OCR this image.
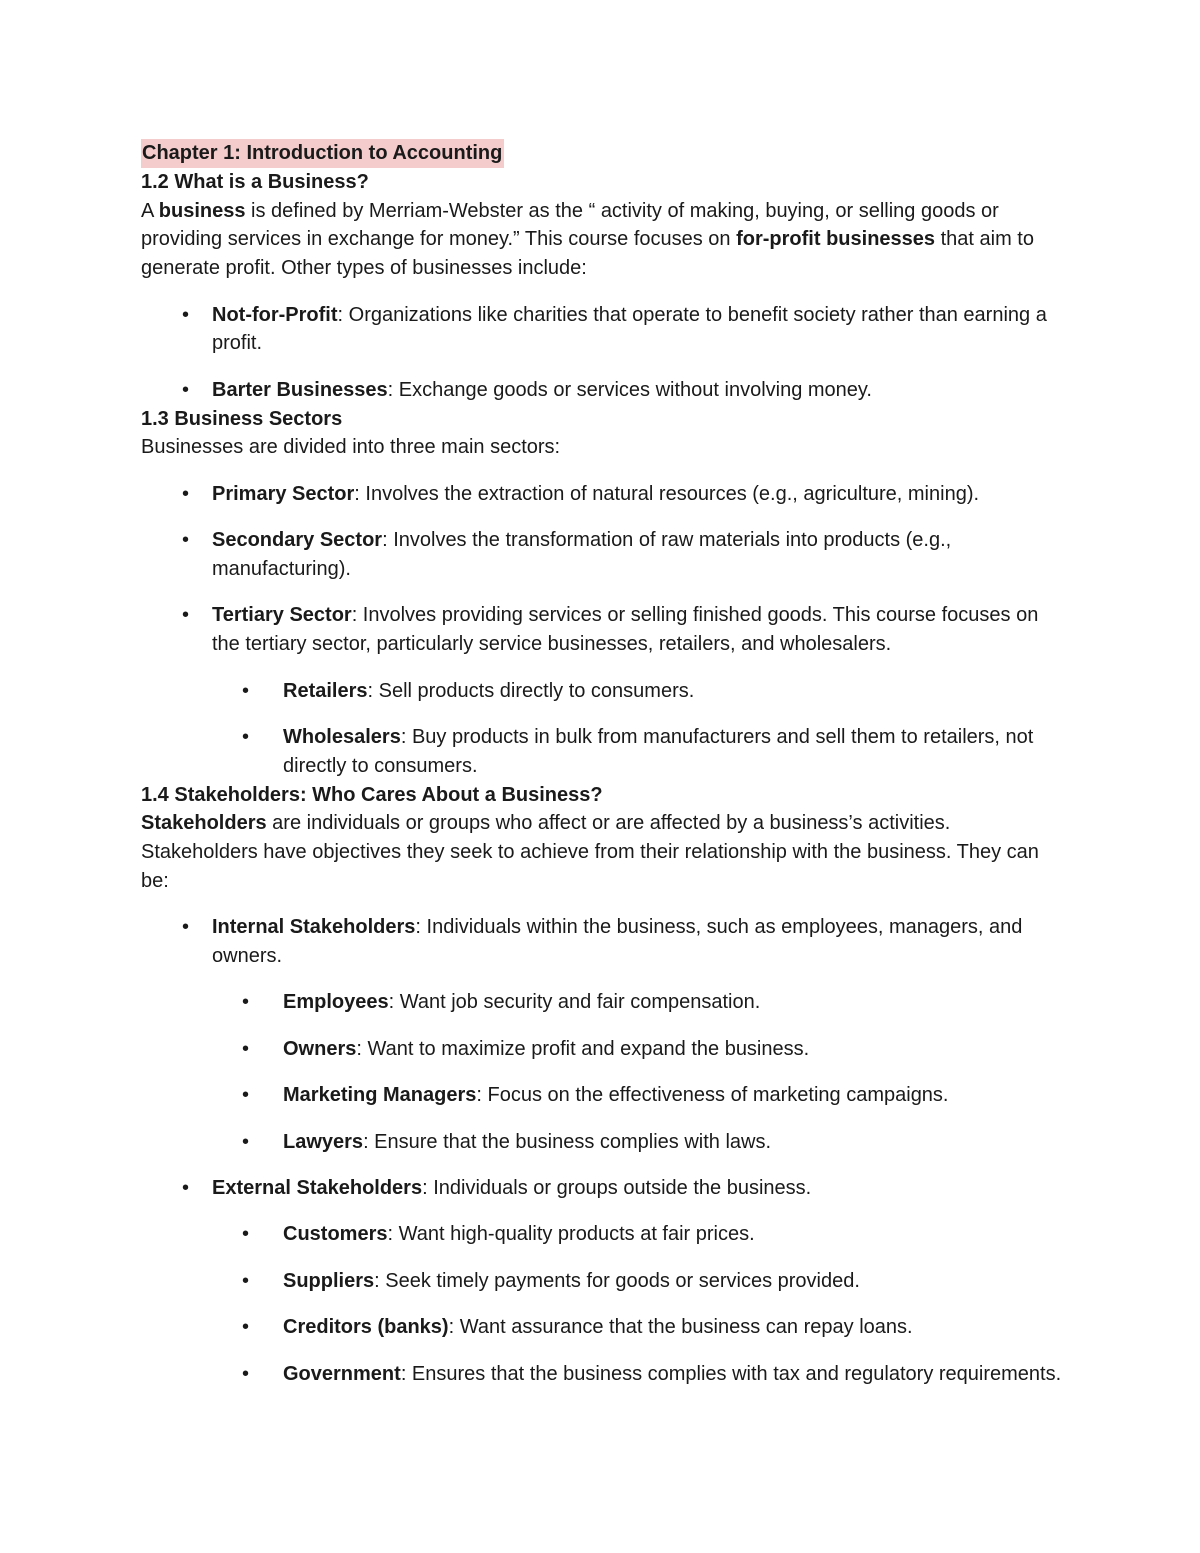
Chapter 1: Introduction to Accounting
1.2 What is a Business?

A business is defined by Merriam-Webster as the “ activity of making, buying, or selling goods or providing services in exchange for money.” This course focuses on for-profit businesses that aim to generate profit. Other types of businesses include:

• Not-for-Profit: Organizations like charities that operate to benefit society rather than earning a profit.
• Barter Businesses: Exchange goods or services without involving money.
1.3 Business Sectors

Businesses are divided into three main sectors:

• Primary Sector: Involves the extraction of natural resources (e.g., agriculture, mining).
• Secondary Sector: Involves the transformation of raw materials into products (e.g., manufacturing).
• Tertiary Sector: Involves providing services or selling finished goods. This course focuses on the tertiary sector, particularly service businesses, retailers, and wholesalers.
• Retailers: Sell products directly to consumers.
• Wholesalers: Buy products in bulk from manufacturers and sell them to retailers, not directly to consumers.
1.4 Stakeholders: Who Cares About a Business?

Stakeholders are individuals or groups who affect or are affected by a business’s activities. Stakeholders have objectives they seek to achieve from their relationship with the business. They can be:

• Internal Stakeholders: Individuals within the business, such as employees, managers, and owners.
• Employees: Want job security and fair compensation.
• Owners: Want to maximize profit and expand the business.
• Marketing Managers: Focus on the effectiveness of marketing campaigns.
• Lawyers: Ensure that the business complies with laws.
• External Stakeholders: Individuals or groups outside the business.
• Customers: Want high-quality products at fair prices.
• Suppliers: Seek timely payments for goods or services provided.
• Creditors (banks): Want assurance that the business can repay loans.
• Government: Ensures that the business complies with tax and regulatory requirements.
